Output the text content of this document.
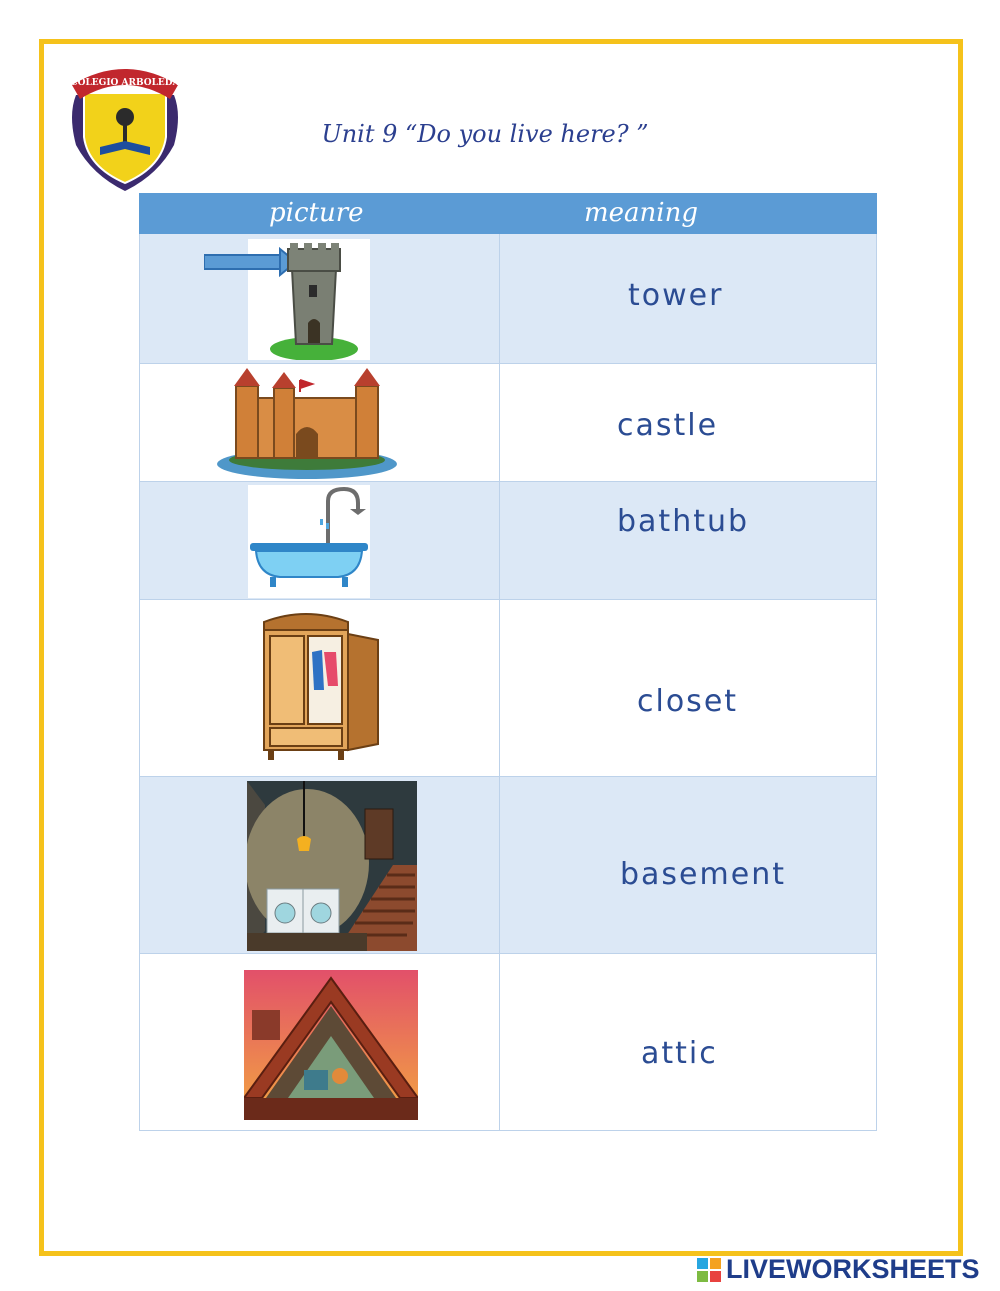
COLEGIO ARBOLEDA
Unit 9 “Do you live here? ”
picture	meaning
tower
castle
bathtub
closet
basement
attic
LIVEWORKSHEETS
